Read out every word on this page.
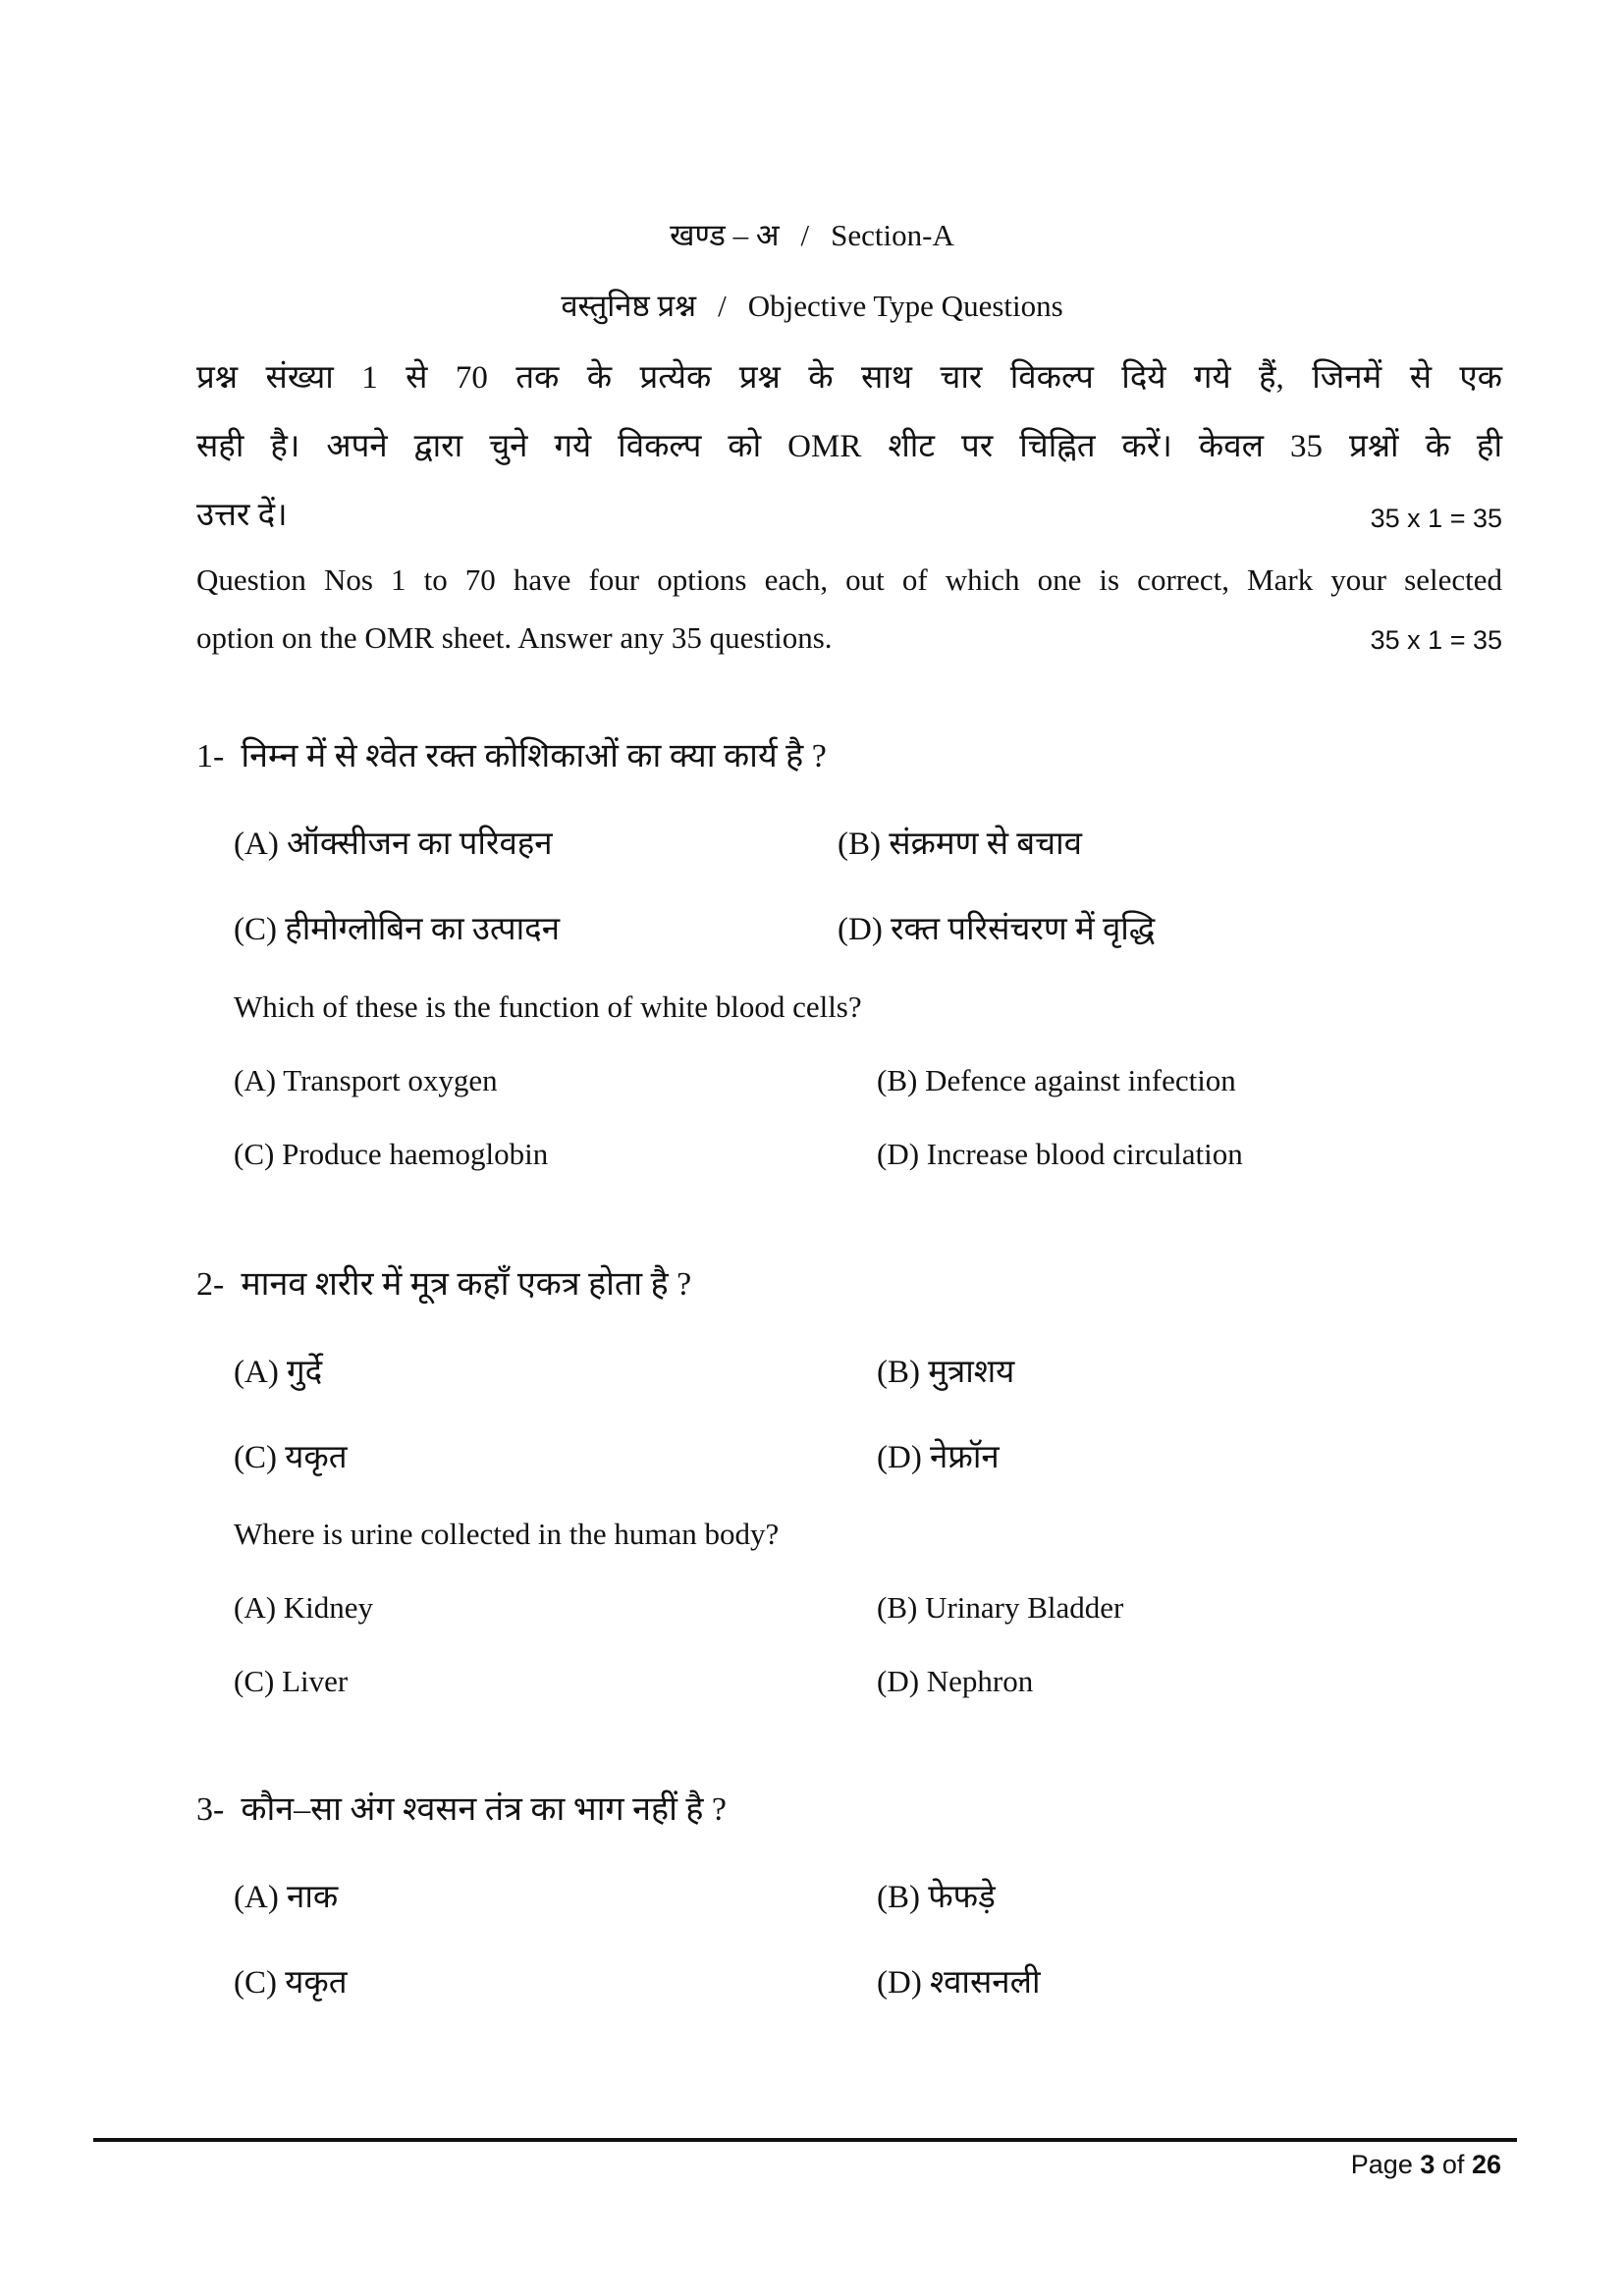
खण्ड – अ / Section-A
वस्तुनिष्ठ प्रश्न / Objective Type Questions
प्रश्न संख्या 1 से 70 तक के प्रत्येक प्रश्न के साथ चार विकल्प दिये गये हैं, जिनमें से एक
सही है। अपने द्वारा चुने गये विकल्प को OMR शीट पर चिह्नित करें। केवल 35 प्रश्नों के ही
उत्तर दें।	35 x 1 = 35
Question Nos 1 to 70 have four options each, out of which one is correct, Mark your selected
option on the OMR sheet. Answer any 35 questions.	35 x 1 = 35
1- निम्न में से श्वेत रक्त कोशिकाओं का क्या कार्य है ?
(A) ऑक्सीजन का परिवहन	(B) संक्रमण से बचाव
(C) हीमोग्लोबिन का उत्पादन	(D) रक्त परिसंचरण में वृद्धि
Which of these is the function of white blood cells?
(A) Transport oxygen	(B) Defence against infection
(C) Produce haemoglobin	(D) Increase blood circulation
2- मानव शरीर में मूत्र कहाँ एकत्र होता है ?
(A) गुर्दे	(B) मुत्राशय
(C) यकृत	(D) नेफ्रॉन
Where is urine collected in the human body?
(A) Kidney	(B) Urinary Bladder
(C) Liver	(D) Nephron
3- कौन–सा अंग श्वसन तंत्र का भाग नहीं है ?
(A) नाक	(B) फेफड़े
(C) यकृत	(D) श्वासनली
Page 3 of 26
